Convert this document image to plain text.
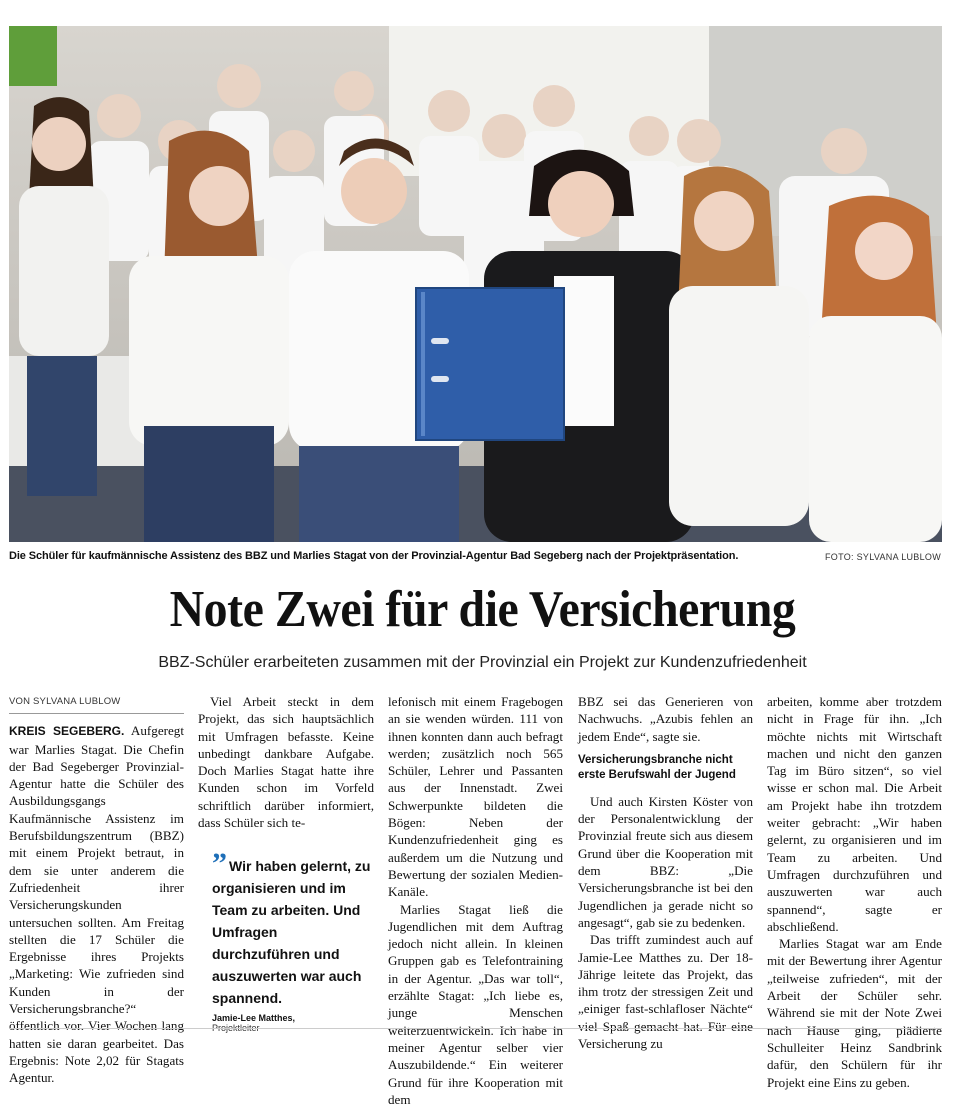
Die Schüler für kaufmännische Assistenz des BBZ und Marlies Stagat von der Provinzial-Agentur Bad Segeberg nach der Projektpräsentation.	FOTO: SYLVANA LUBLOW
Note Zwei für die Versicherung
BBZ-Schüler erarbeiteten zusammen mit der Provinzial ein Projekt zur Kundenzufriedenheit
VON SYLVANA LUBLOW

KREIS SEGEBERG. Aufgeregt war Marlies Stagat. Die Chefin der Bad Segeberger Provinzial-Agentur hatte die Schüler des Ausbildungsgangs Kaufmännische Assistenz im Berufsbildungszentrum (BBZ) mit einem Projekt betraut, in dem sie unter anderem die Zufriedenheit ihrer Versicherungskunden untersuchen sollten. Am Freitag stellten die 17 Schüler die Ergebnisse ihres Projekts „Marketing: Wie zufrieden sind Kunden in der Versicherungsbranche?“ öffentlich vor. Vier Wochen lang hatten sie daran gearbeitet. Das Ergebnis: Note 2,02 für Stagats Agentur.

Viel Arbeit steckt in dem Projekt, das sich hauptsächlich mit Umfragen befasste. Keine unbedingt dankbare Aufgabe. Doch Marlies Stagat hatte ihre Kunden schon im Vorfeld schriftlich darüber informiert, dass Schüler sich te-

” Wir haben gelernt, zu organisieren und im Team zu arbeiten. Und Umfragen durchzuführen und auszuwerten war auch spannend.
Jamie-Lee Matthes,
Projektleiter

lefonisch mit einem Fragebogen an sie wenden würden. 111 von ihnen konnten dann auch befragt werden; zusätzlich noch 565 Schüler, Lehrer und Passanten aus der Innenstadt. Zwei Schwerpunkte bildeten die Bögen: Neben der Kundenzufriedenheit ging es außerdem um die Nutzung und Bewertung der sozialen Medien-Kanäle.

Marlies Stagat ließ die Jugendlichen mit dem Auftrag jedoch nicht allein. In kleinen Gruppen gab es Telefontraining in der Agentur. „Das war toll“, erzählte Stagat: „Ich liebe es, junge Menschen weiterzuentwickeln. Ich habe in meiner Agentur selber vier Auszubildende.“ Ein weiterer Grund für ihre Kooperation mit dem

BBZ sei das Generieren von Nachwuchs. „Azubis fehlen an jedem Ende“, sagte sie.

Versicherungsbranche nicht erste Berufswahl der Jugend

Und auch Kirsten Köster von der Personalentwicklung der Provinzial freute sich aus diesem Grund über die Kooperation mit dem BBZ: „Die Versicherungsbranche ist bei den Jugendlichen ja gerade nicht so angesagt“, gab sie zu bedenken.

Das trifft zumindest auch auf Jamie-Lee Matthes zu. Der 18-Jährige leitete das Projekt, das ihm trotz der stressigen Zeit und „einiger fast-schlafloser Nächte“ viel Spaß gemacht hat. Für eine Versicherung zu

arbeiten, komme aber trotzdem nicht in Frage für ihn. „Ich möchte nichts mit Wirtschaft machen und nicht den ganzen Tag im Büro sitzen“, so viel wisse er schon mal. Die Arbeit am Projekt habe ihn trotzdem weiter gebracht: „Wir haben gelernt, zu organisieren und im Team zu arbeiten. Und Umfragen durchzuführen und auszuwerten war auch spannend“, sagte er abschließend.

Marlies Stagat war am Ende mit der Bewertung ihrer Agentur „teilweise zufrieden“, mit der Arbeit der Schüler sehr. Während sie mit der Note Zwei nach Hause ging, plädierte Schulleiter Heinz Sandbrink dafür, den Schülern für ihr Projekt eine Eins zu geben.
